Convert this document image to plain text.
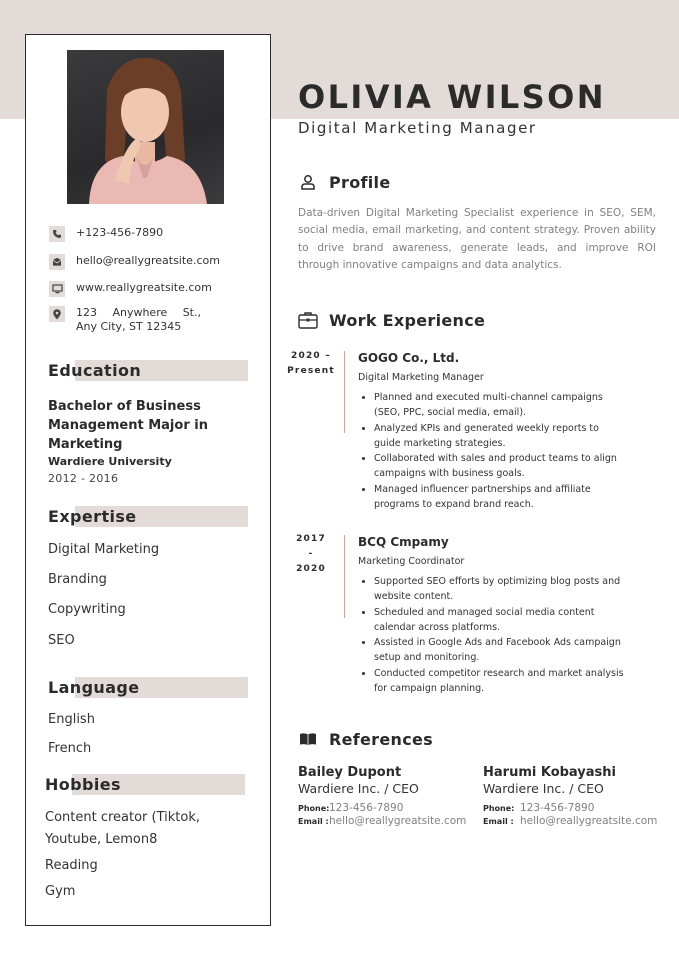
+123-456-7890
hello@reallygreatsite.com
www.reallygreatsite.com
123 Anywhere St., Any City, ST 12345
Education
Bachelor of Business Management Major in Marketing
Wardiere University
2012 - 2016
Expertise
Digital Marketing
Branding
Copywriting
SEO
Language
English
French
Hobbies
Content creator (Tiktok, Youtube, Lemon8
Reading
Gym
OLIVIA WILSON
Digital Marketing Manager
Profile
Data-driven Digital Marketing Specialist experience in SEO, SEM, social media, email marketing, and content strategy. Proven ability to drive brand awareness, generate leads, and improve ROI through innovative campaigns and data analytics.
Work Experience
2020 –
Present
GOGO Co., Ltd.
Digital Marketing Manager
Planned and executed multi-channel campaigns (SEO, PPC, social media, email).
Analyzed KPIs and generated weekly reports to guide marketing strategies.
Collaborated with sales and product teams to align campaigns with business goals.
Managed influencer partnerships and affiliate programs to expand brand reach.
2017
-
2020
BCQ Cmpamy
Marketing Coordinator
Supported SEO efforts by optimizing blog posts and website content.
Scheduled and managed social media content calendar across platforms.
Assisted in Google Ads and Facebook Ads campaign setup and monitoring.
Conducted competitor research and market analysis for campaign planning.
References
Bailey Dupont
Wardiere Inc. / CEO
Phone: 123-456-7890
Email : hello@reallygreatsite.com
Harumi Kobayashi
Wardiere Inc. / CEO
Phone: 123-456-7890
Email : hello@reallygreatsite.com
